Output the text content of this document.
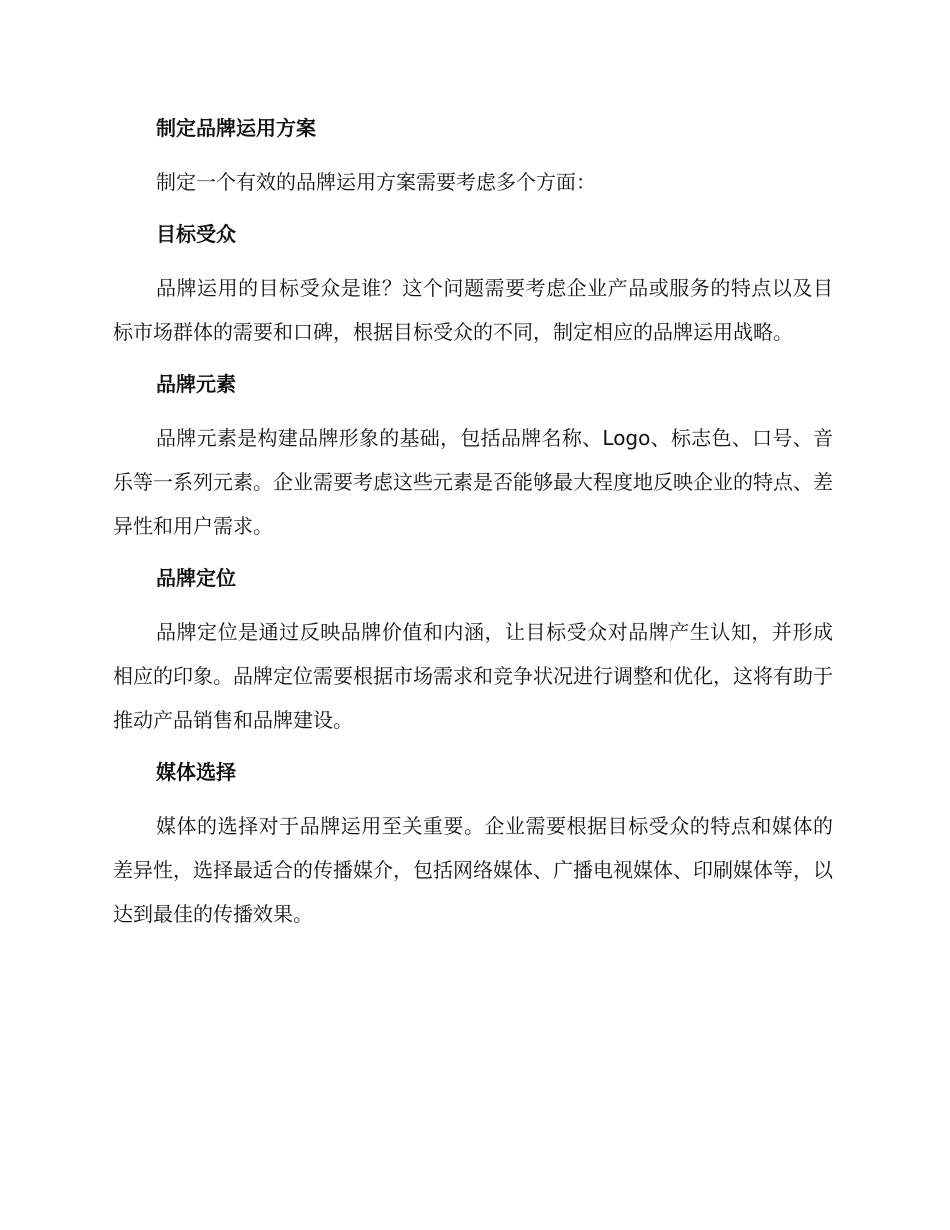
制定品牌运用方案

制定一个有效的品牌运用方案需要考虑多个方面：

目标受众

品牌运用的目标受众是谁？这个问题需要考虑企业产品或服务的特点以及目标市场群体的需要和口碑，根据目标受众的不同，制定相应的品牌运用战略。

品牌元素

品牌元素是构建品牌形象的基础，包括品牌名称、Logo、标志色、口号、音乐等一系列元素。企业需要考虑这些元素是否能够最大程度地反映企业的特点、差异性和用户需求。

品牌定位

品牌定位是通过反映品牌价值和内涵，让目标受众对品牌产生认知，并形成相应的印象。品牌定位需要根据市场需求和竞争状况进行调整和优化，这将有助于推动产品销售和品牌建设。

媒体选择

媒体的选择对于品牌运用至关重要。企业需要根据目标受众的特点和媒体的差异性，选择最适合的传播媒介，包括网络媒体、广播电视媒体、印刷媒体等，以达到最佳的传播效果。
